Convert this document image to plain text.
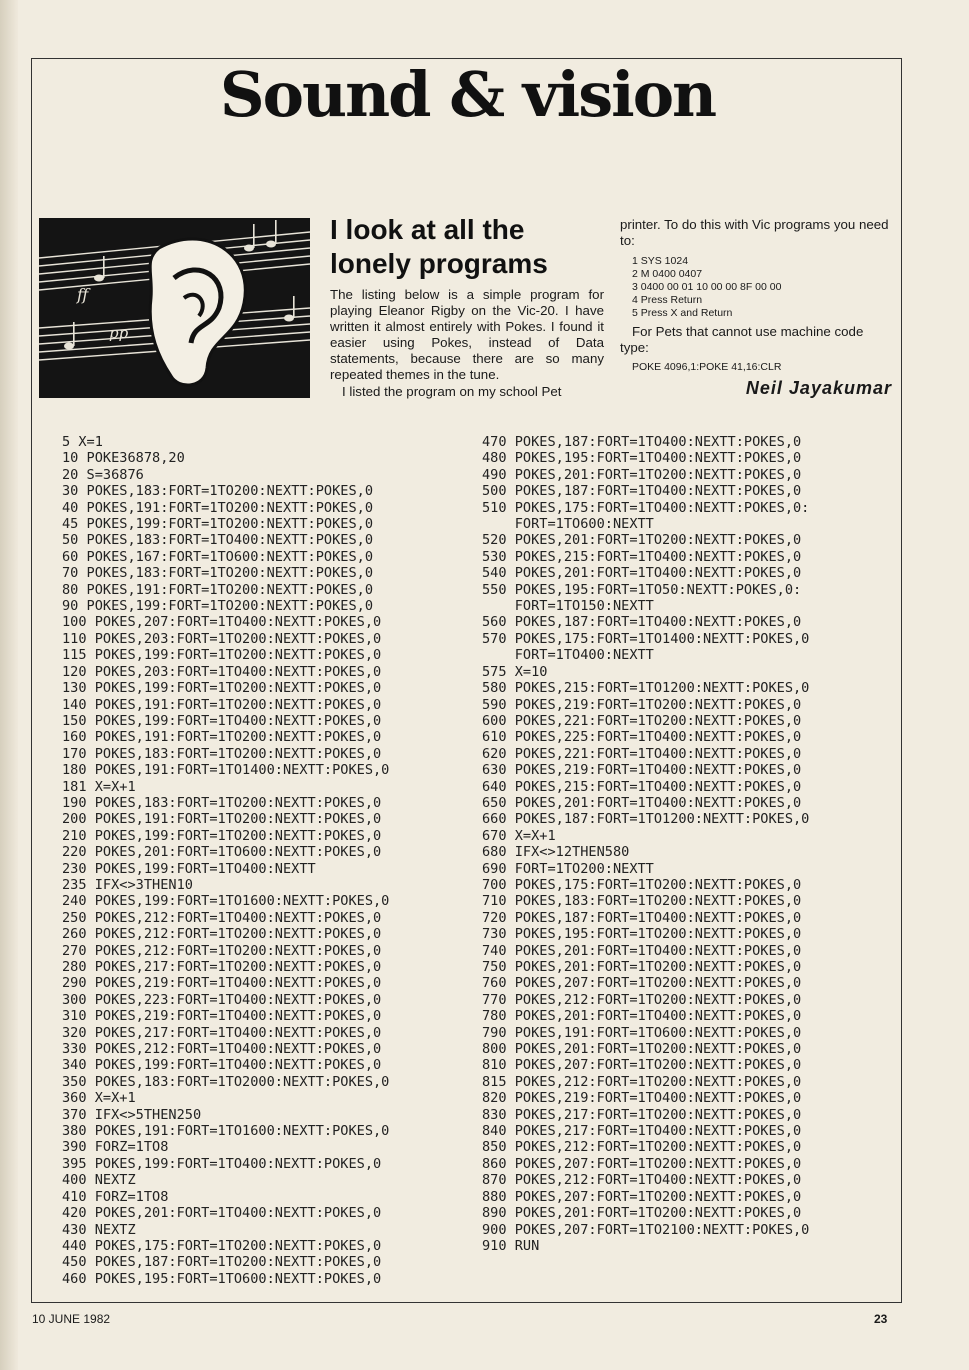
Sound & vision
ff
pp
I look at all the
lonely programs

The listing below is a simple program for playing Eleanor Rigby on the Vic-20. I have written it almost entirely with Pokes. I found it easier using Pokes, instead of Data statements, because there are so many repeated themes in the tune.

I listed the program on my school Pet

printer. To do this with Vic programs you need to:

1 SYS 1024
2 M 0400 0407
3 0400 00 01 10 00 00 8F 00 00
4 Press Return
5 Press X and Return

For Pets that cannot use machine code type:

POKE 4096,1:POKE 41,16:CLR
Neil Jayakumar
5 X=1
10 POKE36878,20
20 S=36876
30 POKES,183:FORT=1TO200:NEXTT:POKES,0
40 POKES,191:FORT=1TO200:NEXTT:POKES,0
45 POKES,199:FORT=1TO200:NEXTT:POKES,0
50 POKES,183:FORT=1TO400:NEXTT:POKES,0
60 POKES,167:FORT=1TO600:NEXTT:POKES,0
70 POKES,183:FORT=1TO200:NEXTT:POKES,0
80 POKES,191:FORT=1TO200:NEXTT:POKES,0
90 POKES,199:FORT=1TO200:NEXTT:POKES,0
100 POKES,207:FORT=1TO400:NEXTT:POKES,0
110 POKES,203:FORT=1TO200:NEXTT:POKES,0
115 POKES,199:FORT=1TO200:NEXTT:POKES,0
120 POKES,203:FORT=1TO400:NEXTT:POKES,0
130 POKES,199:FORT=1TO200:NEXTT:POKES,0
140 POKES,191:FORT=1TO200:NEXTT:POKES,0
150 POKES,199:FORT=1TO400:NEXTT:POKES,0
160 POKES,191:FORT=1TO200:NEXTT:POKES,0
170 POKES,183:FORT=1TO200:NEXTT:POKES,0
180 POKES,191:FORT=1TO1400:NEXTT:POKES,0
181 X=X+1
190 POKES,183:FORT=1TO200:NEXTT:POKES,0
200 POKES,191:FORT=1TO200:NEXTT:POKES,0
210 POKES,199:FORT=1TO200:NEXTT:POKES,0
220 POKES,201:FORT=1TO600:NEXTT:POKES,0
230 POKES,199:FORT=1TO400:NEXTT
235 IFX<>3THEN10
240 POKES,199:FORT=1TO1600:NEXTT:POKES,0
250 POKES,212:FORT=1TO400:NEXTT:POKES,0
260 POKES,212:FORT=1TO200:NEXTT:POKES,0
270 POKES,212:FORT=1TO200:NEXTT:POKES,0
280 POKES,217:FORT=1TO200:NEXTT:POKES,0
290 POKES,219:FORT=1TO400:NEXTT:POKES,0
300 POKES,223:FORT=1TO400:NEXTT:POKES,0
310 POKES,219:FORT=1TO400:NEXTT:POKES,0
320 POKES,217:FORT=1TO400:NEXTT:POKES,0
330 POKES,212:FORT=1TO400:NEXTT:POKES,0
340 POKES,199:FORT=1TO400:NEXTT:POKES,0
350 POKES,183:FORT=1TO2000:NEXTT:POKES,0
360 X=X+1
370 IFX<>5THEN250
380 POKES,191:FORT=1TO1600:NEXTT:POKES,0
390 FORZ=1TO8
395 POKES,199:FORT=1TO400:NEXTT:POKES,0
400 NEXTZ
410 FORZ=1TO8
420 POKES,201:FORT=1TO400:NEXTT:POKES,0
430 NEXTZ
440 POKES,175:FORT=1TO200:NEXTT:POKES,0
450 POKES,187:FORT=1TO200:NEXTT:POKES,0
460 POKES,195:FORT=1TO600:NEXTT:POKES,0
470 POKES,187:FORT=1TO400:NEXTT:POKES,0
480 POKES,195:FORT=1TO400:NEXTT:POKES,0
490 POKES,201:FORT=1TO200:NEXTT:POKES,0
500 POKES,187:FORT=1TO400:NEXTT:POKES,0
510 POKES,175:FORT=1TO400:NEXTT:POKES,0:
FORT=1TO600:NEXTT
520 POKES,201:FORT=1TO200:NEXTT:POKES,0
530 POKES,215:FORT=1TO400:NEXTT:POKES,0
540 POKES,201:FORT=1TO400:NEXTT:POKES,0
550 POKES,195:FORT=1TO50:NEXTT:POKES,0:
FORT=1TO150:NEXTT
560 POKES,187:FORT=1TO400:NEXTT:POKES,0
570 POKES,175:FORT=1TO1400:NEXTT:POKES,0
FORT=1TO400:NEXTT
575 X=10
580 POKES,215:FORT=1TO1200:NEXTT:POKES,0
590 POKES,219:FORT=1TO200:NEXTT:POKES,0
600 POKES,221:FORT=1TO200:NEXTT:POKES,0
610 POKES,225:FORT=1TO400:NEXTT:POKES,0
620 POKES,221:FORT=1TO400:NEXTT:POKES,0
630 POKES,219:FORT=1TO400:NEXTT:POKES,0
640 POKES,215:FORT=1TO400:NEXTT:POKES,0
650 POKES,201:FORT=1TO400:NEXTT:POKES,0
660 POKES,187:FORT=1TO1200:NEXTT:POKES,0
670 X=X+1
680 IFX<>12THEN580
690 FORT=1TO200:NEXTT
700 POKES,175:FORT=1TO200:NEXTT:POKES,0
710 POKES,183:FORT=1TO200:NEXTT:POKES,0
720 POKES,187:FORT=1TO400:NEXTT:POKES,0
730 POKES,195:FORT=1TO200:NEXTT:POKES,0
740 POKES,201:FORT=1TO400:NEXTT:POKES,0
750 POKES,201:FORT=1TO200:NEXTT:POKES,0
760 POKES,207:FORT=1TO200:NEXTT:POKES,0
770 POKES,212:FORT=1TO200:NEXTT:POKES,0
780 POKES,201:FORT=1TO400:NEXTT:POKES,0
790 POKES,191:FORT=1TO600:NEXTT:POKES,0
800 POKES,201:FORT=1TO200:NEXTT:POKES,0
810 POKES,207:FORT=1TO200:NEXTT:POKES,0
815 POKES,212:FORT=1TO200:NEXTT:POKES,0
820 POKES,219:FORT=1TO400:NEXTT:POKES,0
830 POKES,217:FORT=1TO200:NEXTT:POKES,0
840 POKES,217:FORT=1TO400:NEXTT:POKES,0
850 POKES,212:FORT=1TO200:NEXTT:POKES,0
860 POKES,207:FORT=1TO200:NEXTT:POKES,0
870 POKES,212:FORT=1TO400:NEXTT:POKES,0
880 POKES,207:FORT=1TO200:NEXTT:POKES,0
890 POKES,201:FORT=1TO200:NEXTT:POKES,0
900 POKES,207:FORT=1TO2100:NEXTT:POKES,0
910 RUN
10 JUNE 1982	23
